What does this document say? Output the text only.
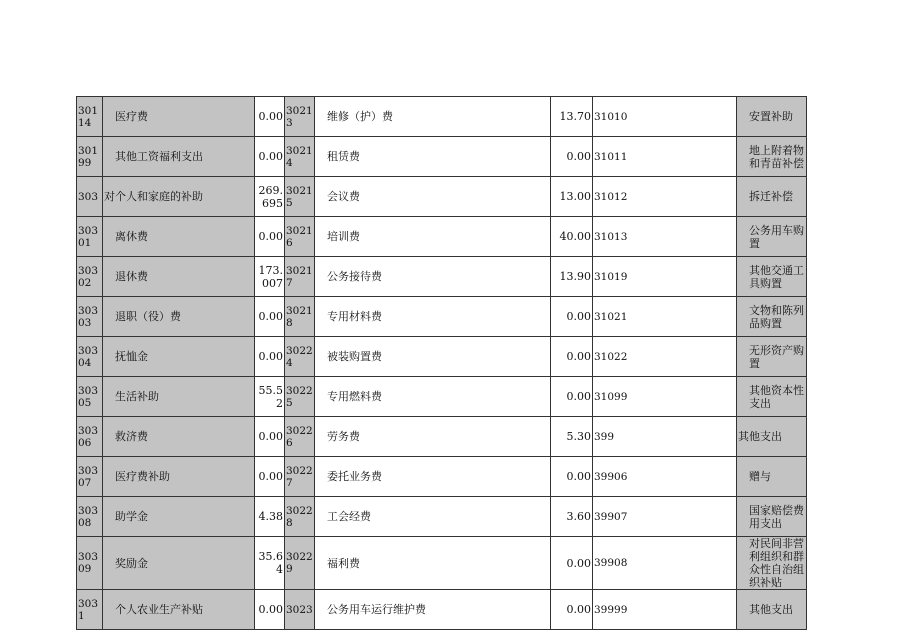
30114	医疗费	0.00	30213	维修（护）费	13.70	31010	安置补助	
30199	其他工资福利支出	0.00	30214	租赁费	0.00	31011	地上附着物和青苗补偿	
303	对个人和家庭的补助	269.695	30215	会议费	13.00	31012	拆迁补偿	
30301	离休费	0.00	30216	培训费	40.00	31013	公务用车购置	
30302	退休费	173.007	30217	公务接待费	13.90	31019	其他交通工具购置	
30303	退职（役）费	0.00	30218	专用材料费	0.00	31021	文物和陈列品购置	
30304	抚恤金	0.00	30224	被装购置费	0.00	31022	无形资产购置	
30305	生活补助	55.52	30225	专用燃料费	0.00	31099	其他资本性支出	
30306	救济费	0.00	30226	劳务费	5.30	399	其他支出	
30307	医疗费补助	0.00	30227	委托业务费	0.00	39906	赠与	
30308	助学金	4.38	30228	工会经费	3.60	39907	国家赔偿费用支出	
30309	奖励金	35.64	30229	福利费	0.00	39908	对民间非营利组织和群众性自治组织补贴	
3031	个人农业生产补贴	0.00	3023	公务用车运行维护费	0.00	39999	其他支出	
